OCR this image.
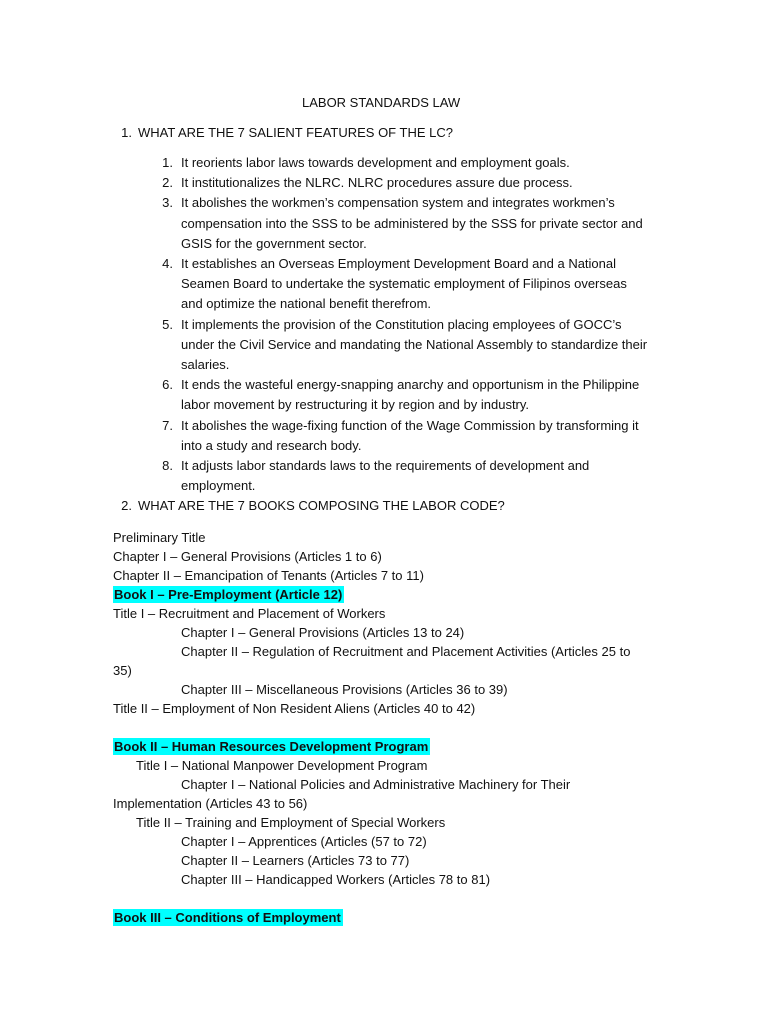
LABOR STANDARDS LAW
1. WHAT ARE THE 7 SALIENT FEATURES OF THE LC?
1. It reorients labor laws towards development and employment goals.
2. It institutionalizes the NLRC. NLRC procedures assure due process.
3. It abolishes the workmen’s compensation system and integrates workmen’s
compensation into the SSS to be administered by the SSS for private sector and
GSIS for the government sector.
4. It establishes an Overseas Employment Development Board and a National
Seamen Board to undertake the systematic employment of Filipinos overseas
and optimize the national benefit therefrom.
5. It implements the provision of the Constitution placing employees of GOCC’s
under the Civil Service and mandating the National Assembly to standardize their
salaries.
6. It ends the wasteful energy-snapping anarchy and opportunism in the Philippine
labor movement by restructuring it by region and by industry.
7. It abolishes the wage-fixing function of the Wage Commission by transforming it
into a study and research body.
8. It adjusts labor standards laws to the requirements of development and
employment.
2. WHAT ARE THE 7 BOOKS COMPOSING THE LABOR CODE?
Preliminary Title
Chapter I – General Provisions (Articles 1 to 6)
Chapter II – Emancipation of Tenants (Articles 7 to 11)
Book I – Pre-Employment (Article 12)
Title I – Recruitment and Placement of Workers
Chapter I – General Provisions (Articles 13 to 24)
Chapter II – Regulation of Recruitment and Placement Activities (Articles 25 to
35)
Chapter III – Miscellaneous Provisions (Articles 36 to 39)
Title II – Employment of Non Resident Aliens (Articles 40 to 42)
Book II – Human Resources Development Program
Title I – National Manpower Development Program
Chapter I – National Policies and Administrative Machinery for Their
Implementation (Articles 43 to 56)
Title II – Training and Employment of Special Workers
Chapter I – Apprentices (Articles (57 to 72)
Chapter II – Learners (Articles 73 to 77)
Chapter III – Handicapped Workers (Articles 78 to 81)
Book III – Conditions of Employment
